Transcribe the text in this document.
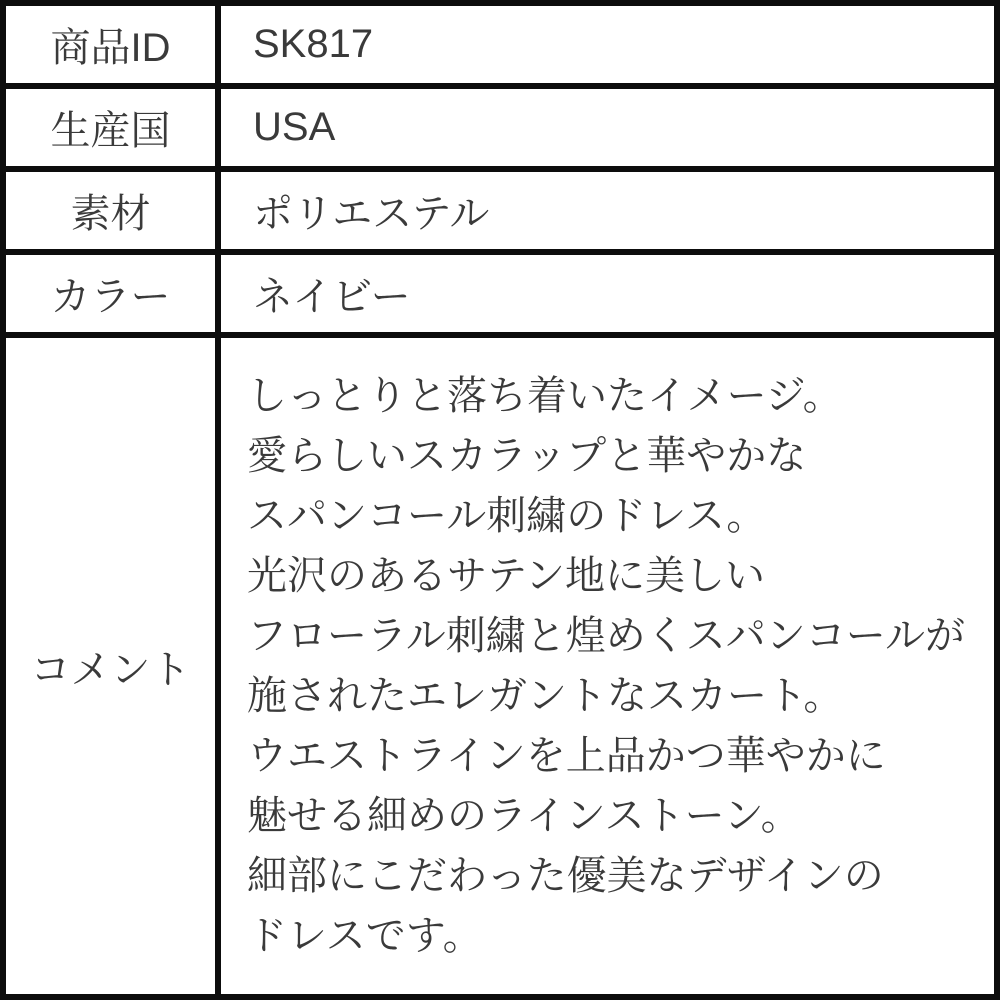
商品ID SK817
生産国 USA
素材	ポリエステル
カラー ネイビー
コメント
しっとりと落ち着いたイメージ。
愛らしいスカラップと華やかな
スパンコール刺繍のドレス。
光沢のあるサテン地に美しい
フローラル刺繍と煌めくスパンコールが
施されたエレガントなスカート。
ウエストラインを上品かつ華やかに
魅せる細めのラインストーン。
細部にこだわった優美なデザインの
ドレスです。
